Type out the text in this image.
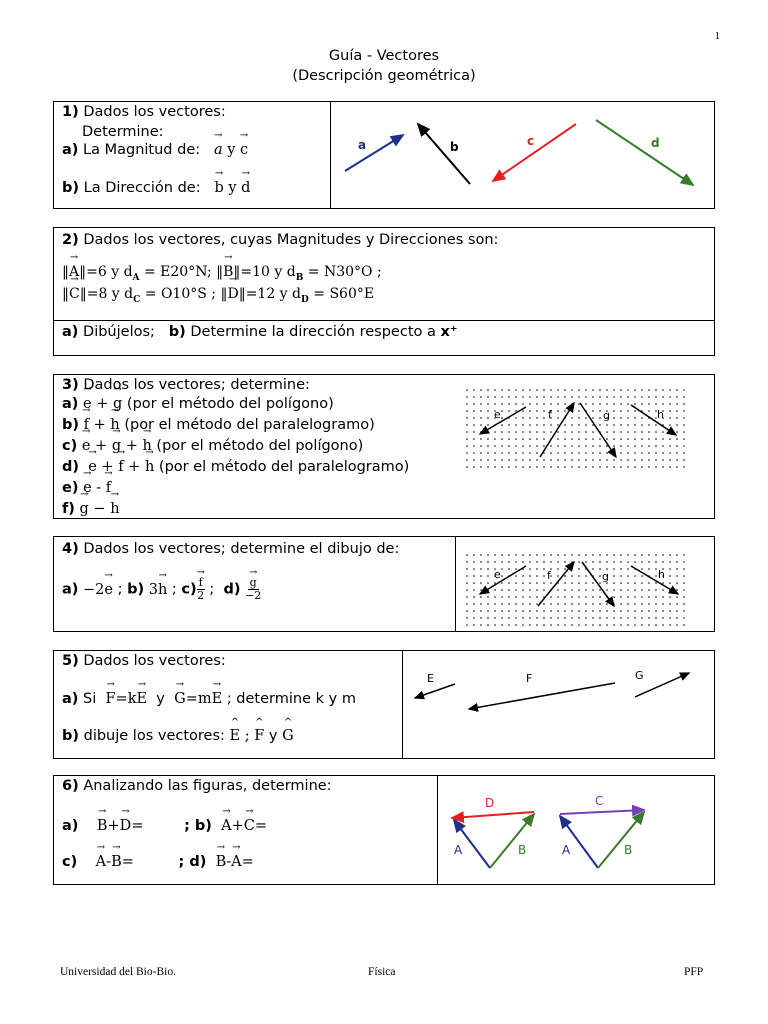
1
Guía - Vectores
(Descripción geométrica)
1) Dados los vectores:
Determine:
a) La Magnitud de:   → a y → c
b) La Dirección de:   → b y → d
a	b	c	d
2) Dados los vectores, cuyas Magnitudes y Direcciones son:
‖→ A‖=6 y $d_A = E20^\circ N$; ‖→ B‖=10 y $d_B = N30^\circ O$ ;
‖→ C‖=8 y $d_C = O10^\circ S$ ; ‖→ D‖=12 y $d_D = S60^\circ E$
a) Dibújelos; b) Determine la dirección respecto a x⁺
3) Dados los vectores; determine:
a) → e + → g (por el método del polígono)
b) → f + → h (por el método del paralelogramo)
c) → e + → g + → h (por el método del polígono)
d)  → e + → f + → h (por el método del paralelogramo)
e) → e - → f
f) → g − → h
e	f	g	h
4) Dados los vectores; determine el dibujo de:
a) −2→ e ; b) 3→ h ; c)
→ $\frac{f}{2}$ ; d)
→ $\frac{g}{-2}$
e	f	g	h
5) Dados los vectores:
a) Si  → F=k→ E y  → G=m→ E ; determine k y m
b) dibuje los vectores: ^ E ; ^ F y ^ G
E	F	G
6) Analizando las figuras, determine:
a)    → B+→ D=	; b)  → A+→ C=
c)    → A-→ B=	; d)  → B-→ A=
D
A	B
C
A	B
Universidad del Bio-Bio.	Física	PFP
